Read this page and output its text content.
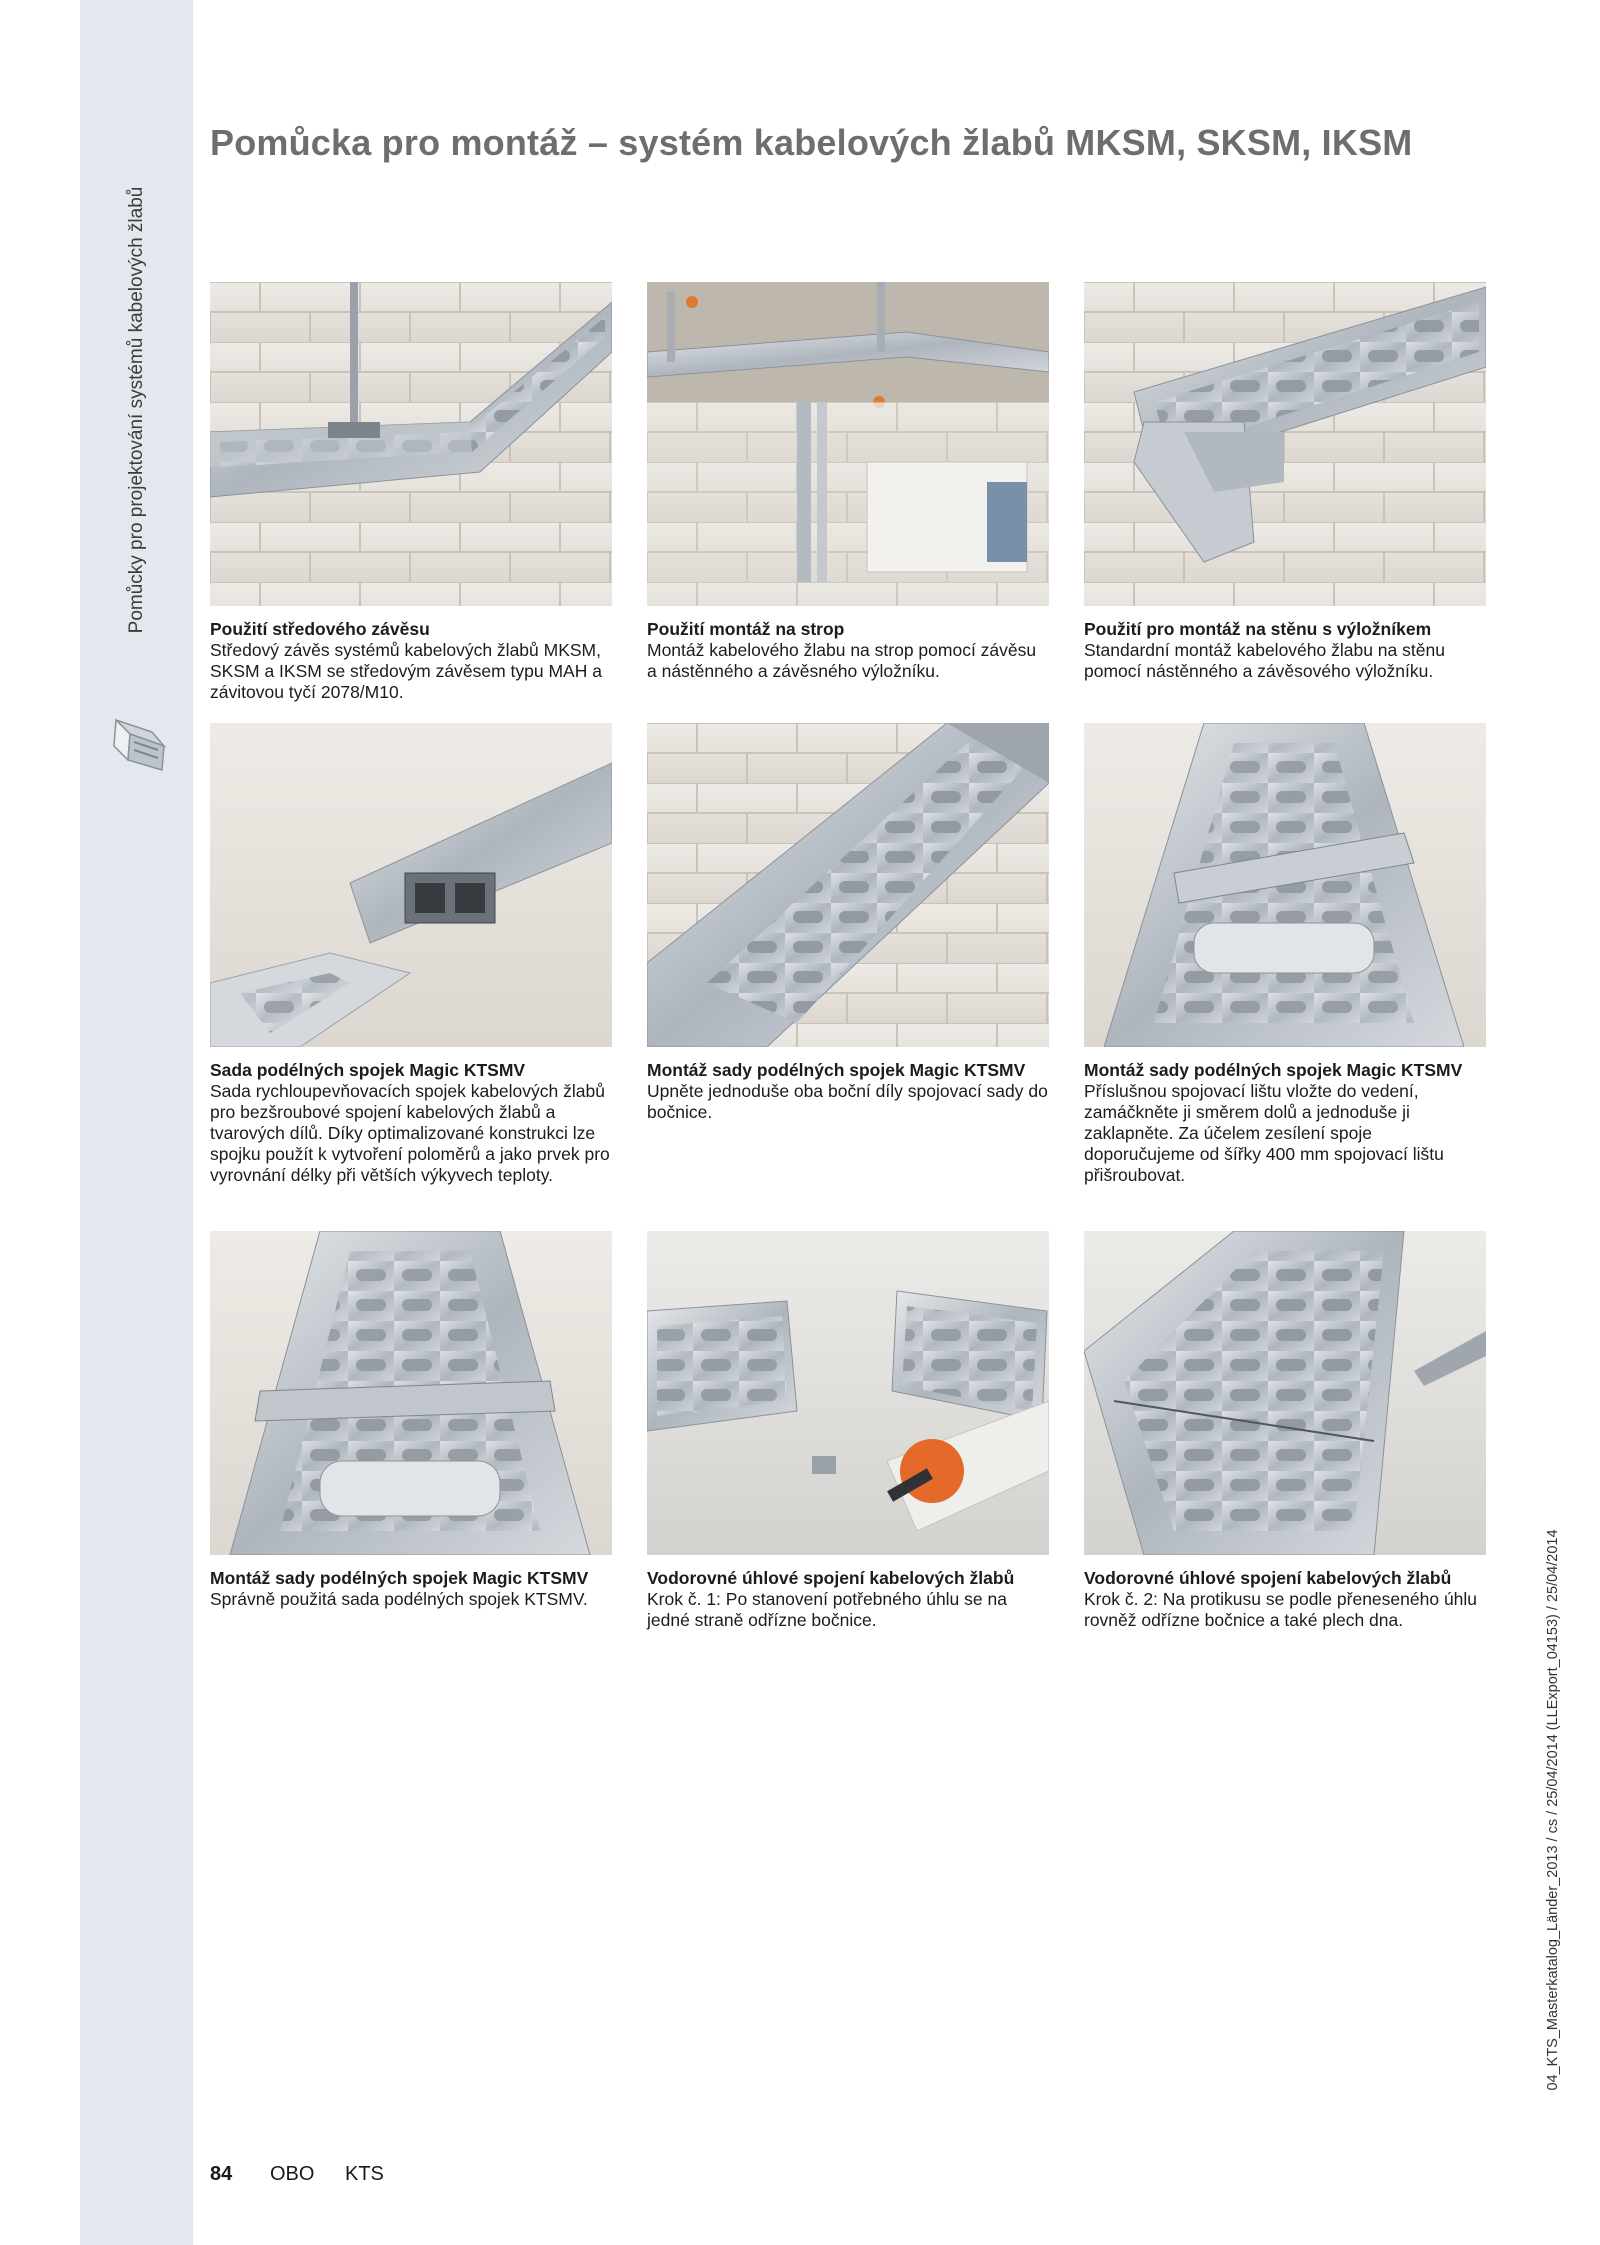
Pomůcky pro projektování systémů kabelových žlabů
Pomůcka pro montáž – systém kabelových žlabů MKSM, SKSM, IKSM
Použití středového závěsu
Středový závěs systémů kabelových žlabů MKSM, SKSM a IKSM se středovým závěsem typu MAH a závitovou tyčí 2078/M10.
Použití montáž na strop
Montáž kabelového žlabu na strop pomocí závěsu a nástěnného a závěsného výložníku.
Použití pro montáž na stěnu s výložníkem
Standardní montáž kabelového žlabu na stěnu pomocí nástěnného a závěsového výložníku.
Sada podélných spojek Magic KTSMV
Sada rychloupevňovacích spojek kabelových žlabů pro bezšroubové spojení kabelových žlabů a tvarových dílů. Díky optimalizované konstrukci lze spojku použít k vytvoření poloměrů a jako prvek pro vyrovnání délky při větších výkyvech teploty.
Montáž sady podélných spojek Magic KTSMV
Upněte jednoduše oba boční díly spojovací sady do bočnice.
Montáž sady podélných spojek Magic KTSMV
Příslušnou spojovací lištu vložte do vedení, zamáčkněte ji směrem dolů a jednoduše ji zaklapněte. Za účelem zesílení spoje doporučujeme od šířky 400 mm spojovací lištu přišroubovat.
Montáž sady podélných spojek Magic KTSMV
Správně použitá sada podélných spojek KTSMV.
Vodorovné úhlové spojení kabelových žlabů
Krok č. 1: Po stanovení potřebného úhlu se na jedné straně odřízne bočnice.
Vodorovné úhlové spojení kabelových žlabů
Krok č. 2: Na protikusu se podle přeneseného úhlu rovněž odřízne bočnice a také plech dna.
84 OBO KTS
04_KTS_Masterkatalog_Länder_2013 / cs / 25/04/2014 (LLExport_04153) / 25/04/2014
